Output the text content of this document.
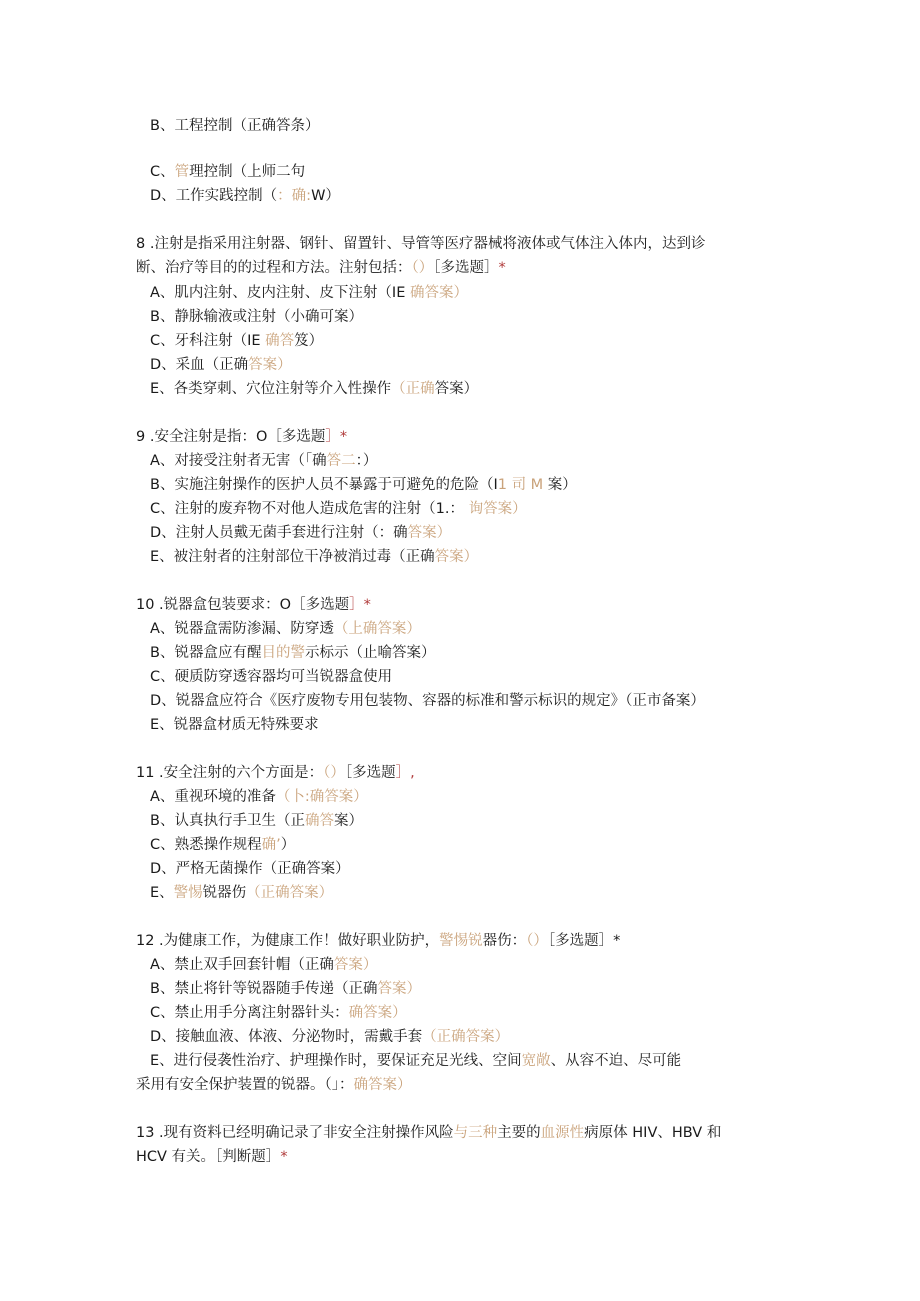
B、工程控制（正确答条）
C、管理控制（上师二句
D、工作实践控制（：确:W）
8 .注射是指采用注射器、钢针、留置针、导管等医疗器械将液体或气体注入体内，达到诊
断、治疗等目的的过程和方法。注射包括：（）［多选题］*
A、肌内注射、皮内注射、皮下注射（IE 确答案）
B、静脉输液或注射（小确可案）
C、牙科注射（IE 确答笈）
D、采血（正确答案）
E、各类穿刺、穴位注射等介入性操作（正确答案）
9 .安全注射是指：O［多选题］*
A、对接受注射者无害（「确答二：）
B、实施注射操作的医护人员不暴露于可避免的危险（I1 司 M 案）
C、注射的废弃物不对他人造成危害的注射（1.： 询答案）
D、注射人员戴无菌手套进行注射（：确答案）
E、被注射者的注射部位干净被消过毒（正确答案）
10 .锐器盒包装要求：O［多选题］*
A、锐器盒需防渗漏、防穿透（上确答案）
B、锐器盒应有醒目的警示标示（止喻答案）
C、硬质防穿透容器均可当锐器盒使用
D、锐器盒应符合《医疗废物专用包装物、容器的标准和警示标识的规定》（正市备案）
E、锐器盒材质无特殊要求
11 .安全注射的六个方面是：（）［多选题］,
A、重视环境的准备（卜:确答案）
B、认真执行手卫生（正确答案）
C、熟悉操作规程确’）
D、严格无菌操作（正确答案）
E、警惕锐器伤（正确答案）
12 .为健康工作，为健康工作！做好职业防护，警惕锐器伤：（）［多选题］*
A、禁止双手回套针帽（正确答案）
B、禁止将针等锐器随手传递（正确答案）
C、禁止用手分离注射器针头：确答案）
D、接触血液、体液、分泌物时，需戴手套（正确答案）
E、进行侵袭性治疗、护理操作时，要保证充足光线、空间宽敞、从容不迫、尽可能
采用有安全保护装置的锐器。（」：确答案）
13 .现有资料已经明确记录了非安全注射操作风险与三种主要的血源性病原体 HIV、HBV 和
HCV 有关。［判断题］*
